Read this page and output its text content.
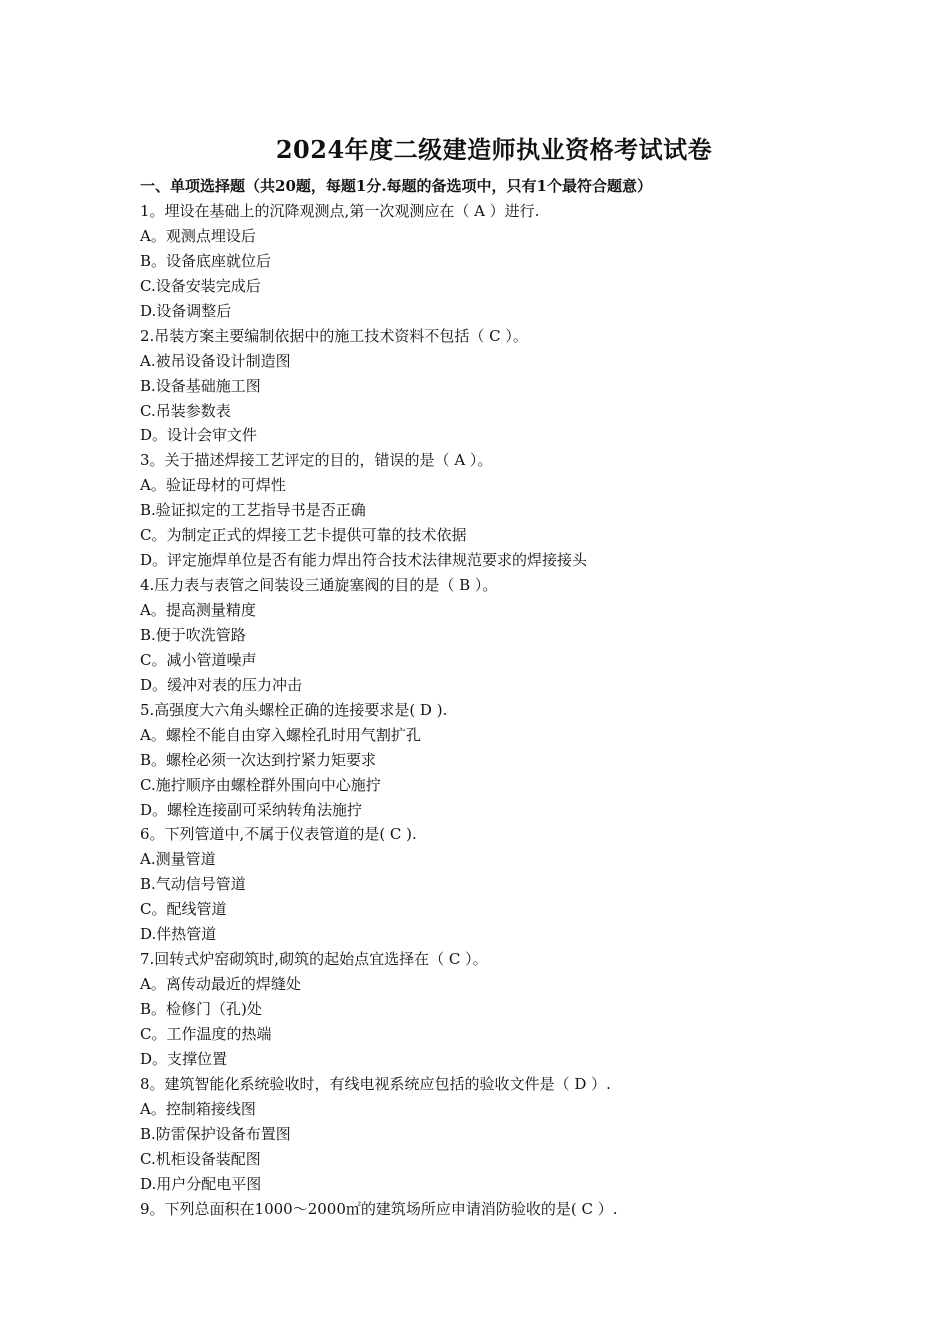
2024年度二级建造师执业资格考试试卷
一、单项选择题（共20题，每题1分.每题的备选项中，只有1个最符合题意）
1。埋设在基础上的沉降观测点,第一次观测应在（ A ）进行.
A。观测点埋设后
B。设备底座就位后
C.设备安装完成后
D.设备调整后
2.吊装方案主要编制依据中的施工技术资料不包括（ C ）。
A.被吊设备设计制造图
B.设备基础施工图
C.吊装参数表
D。设计会审文件
3。关于描述焊接工艺评定的目的，错误的是（ A ）。
A。验证母材的可焊性
B.验证拟定的工艺指导书是否正确
C。为制定正式的焊接工艺卡提供可靠的技术依据
D。评定施焊单位是否有能力焊出符合技术法律规范要求的焊接接头
4.压力表与表管之间装设三通旋塞阀的目的是（ B ）。
A。提高测量精度
B.便于吹洗管路
C。减小管道噪声
D。缓冲对表的压力冲击
5.高强度大六角头螺栓正确的连接要求是( D ).
A。螺栓不能自由穿入螺栓孔时用气割扩孔
B。螺栓必须一次达到拧紧力矩要求
C.施拧顺序由螺栓群外围向中心施拧
D。螺栓连接副可采纳转角法施拧
6。下列管道中,不属于仪表管道的是( C ).
A.测量管道
B.气动信号管道
C。配线管道
D.伴热管道
7.回转式炉窑砌筑时,砌筑的起始点宜选择在（ C ）。
A。离传动最近的焊缝处
B。检修门（孔)处
C。工作温度的热端
D。支撑位置
8。建筑智能化系统验收时，有线电视系统应包括的验收文件是（ D ）.
A。控制箱接线图
B.防雷保护设备布置图
C.机柜设备装配图
D.用户分配电平图
9。下列总面积在1000～2000㎡的建筑场所应申请消防验收的是( C ）.
